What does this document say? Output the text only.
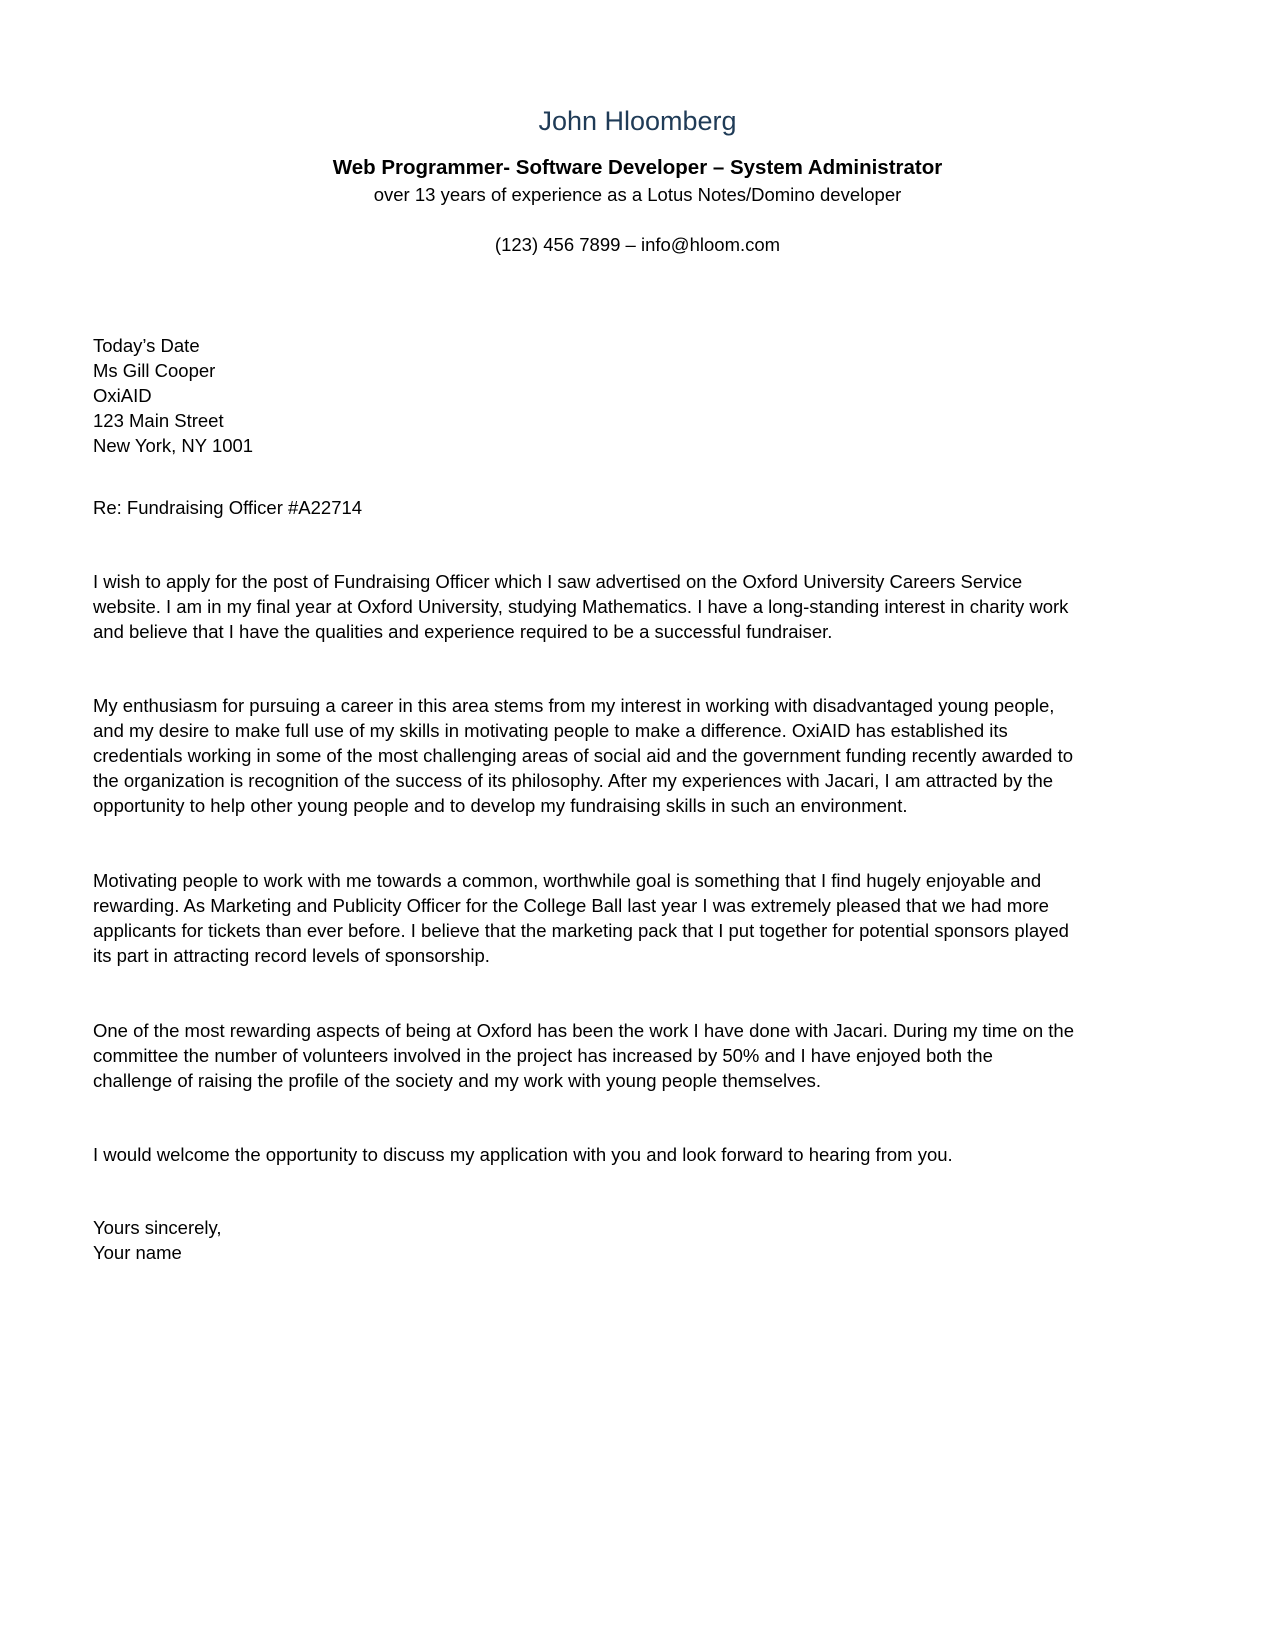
John Hloomberg
Web Programmer- Software Developer – System Administrator
over 13 years of experience as a Lotus Notes/Domino developer
(123) 456 7899 – info@hloom.com
Today’s Date
Ms Gill Cooper
OxiAID
123 Main Street
New York, NY 1001
Re: Fundraising Officer #A22714
I wish to apply for the post of Fundraising Officer which I saw advertised on the Oxford University Careers Service
website. I am in my final year at Oxford University, studying Mathematics. I have a long-standing interest in charity work
and believe that I have the qualities and experience required to be a successful fundraiser.
My enthusiasm for pursuing a career in this area stems from my interest in working with disadvantaged young people,
and my desire to make full use of my skills in motivating people to make a difference. OxiAID has established its
credentials working in some of the most challenging areas of social aid and the government funding recently awarded to
the organization is recognition of the success of its philosophy. After my experiences with Jacari, I am attracted by the
opportunity to help other young people and to develop my fundraising skills in such an environment.
Motivating people to work with me towards a common, worthwhile goal is something that I find hugely enjoyable and
rewarding. As Marketing and Publicity Officer for the College Ball last year I was extremely pleased that we had more
applicants for tickets than ever before. I believe that the marketing pack that I put together for potential sponsors played
its part in attracting record levels of sponsorship.
One of the most rewarding aspects of being at Oxford has been the work I have done with Jacari. During my time on the
committee the number of volunteers involved in the project has increased by 50% and I have enjoyed both the
challenge of raising the profile of the society and my work with young people themselves.
I would welcome the opportunity to discuss my application with you and look forward to hearing from you.
Yours sincerely,
Your name
